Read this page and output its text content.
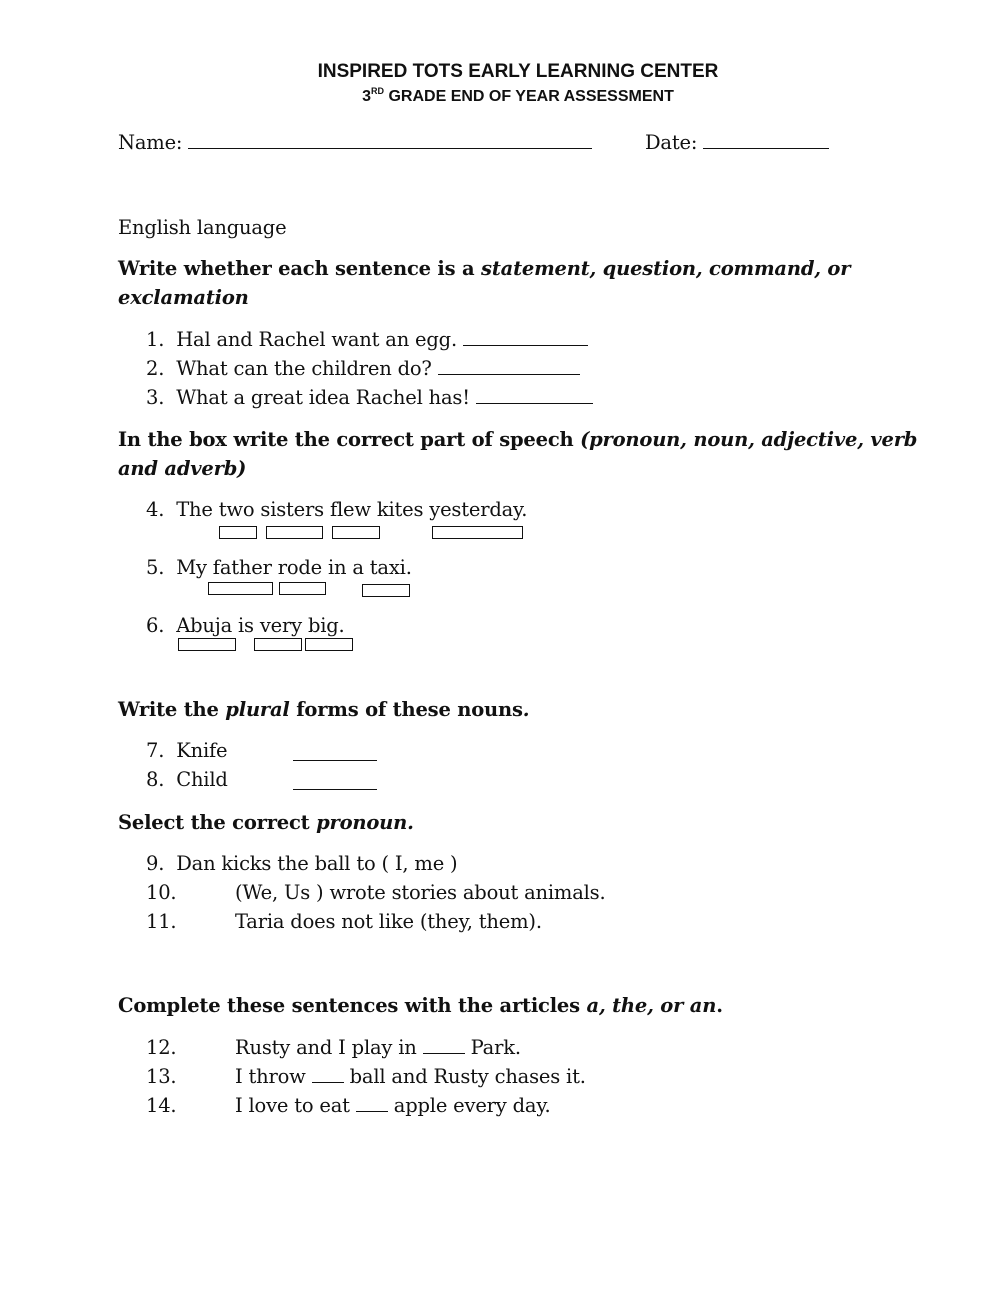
INSPIRED TOTS EARLY LEARNING CENTER
3RD GRADE END OF YEAR ASSESSMENT
Name:	Date:
English language
Write whether each sentence is a statement, question, command, or
exclamation
1. Hal and Rachel want an egg.
2. What can the children do?
3. What a great idea Rachel has!
In the box write the correct part of speech (pronoun, noun, adjective, verb
and adverb)
4. The two sisters flew kites yesterday.
5. My father rode in a taxi.
6. Abuja is very big.
Write the plural forms of these nouns.
7. Knife
8. Child
Select the correct pronoun.
9. Dan kicks the ball to ( I, me )
10.	(We, Us ) wrote stories about animals.
11.	Taria does not like (they, them).
Complete these sentences with the articles a, the, or an.
12.	Rusty and I play in  Park.
13.	I throw  ball and Rusty chases it.
14.	I love to eat  apple every day.
